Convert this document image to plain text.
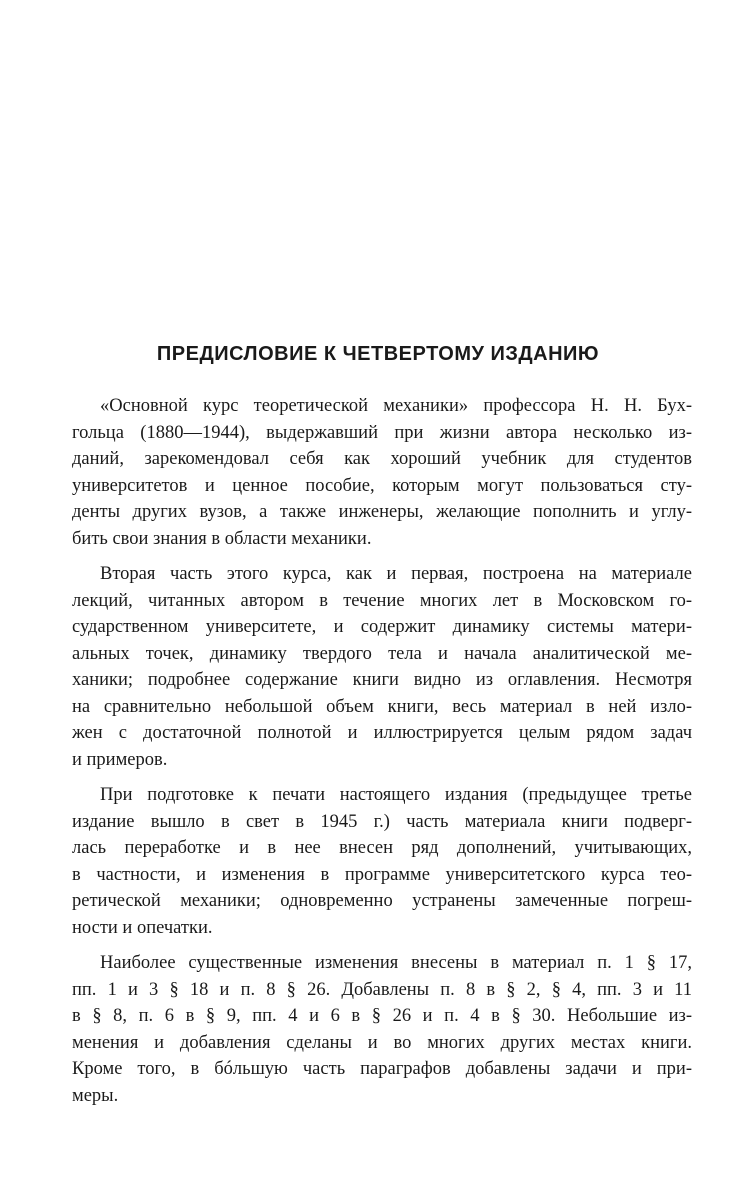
ПРЕДИСЛОВИЕ К ЧЕТВЕРТОМУ ИЗДАНИЮ
«Основной курс теоретической механики» профессора Н. Н. Бух-
гольца (1880—1944), выдержавший при жизни автора несколько из-
даний, зарекомендовал себя как хороший учебник для студентов
университетов и ценное пособие, которым могут пользоваться сту-
денты других вузов, а также инженеры, желающие пополнить и углу-
бить свои знания в области механики.
Вторая часть этого курса, как и первая, построена на материале
лекций, читанных автором в течение многих лет в Московском го-
сударственном университете, и содержит динамику системы матери-
альных точек, динамику твердого тела и начала аналитической ме-
ханики; подробнее содержание книги видно из оглавления. Несмотря
на сравнительно небольшой объем книги, весь материал в ней изло-
жен с достаточной полнотой и иллюстрируется целым рядом задач
и примеров.
При подготовке к печати настоящего издания (предыдущее третье
издание вышло в свет в 1945 г.) часть материала книги подверг-
лась переработке и в нее внесен ряд дополнений, учитывающих,
в частности, и изменения в программе университетского курса тео-
ретической механики; одновременно устранены замеченные погреш-
ности и опечатки.
Наиболее существенные изменения внесены в материал п. 1 § 17,
пп. 1 и 3 § 18 и п. 8 § 26. Добавлены п. 8 в § 2, § 4, пп. 3 и 11
в § 8, п. 6 в § 9, пп. 4 и 6 в § 26 и п. 4 в § 30. Небольшие из-
менения и добавления сделаны и во многих других местах книги.
Кроме того, в бóльшую часть параграфов добавлены задачи и при-
меры.
